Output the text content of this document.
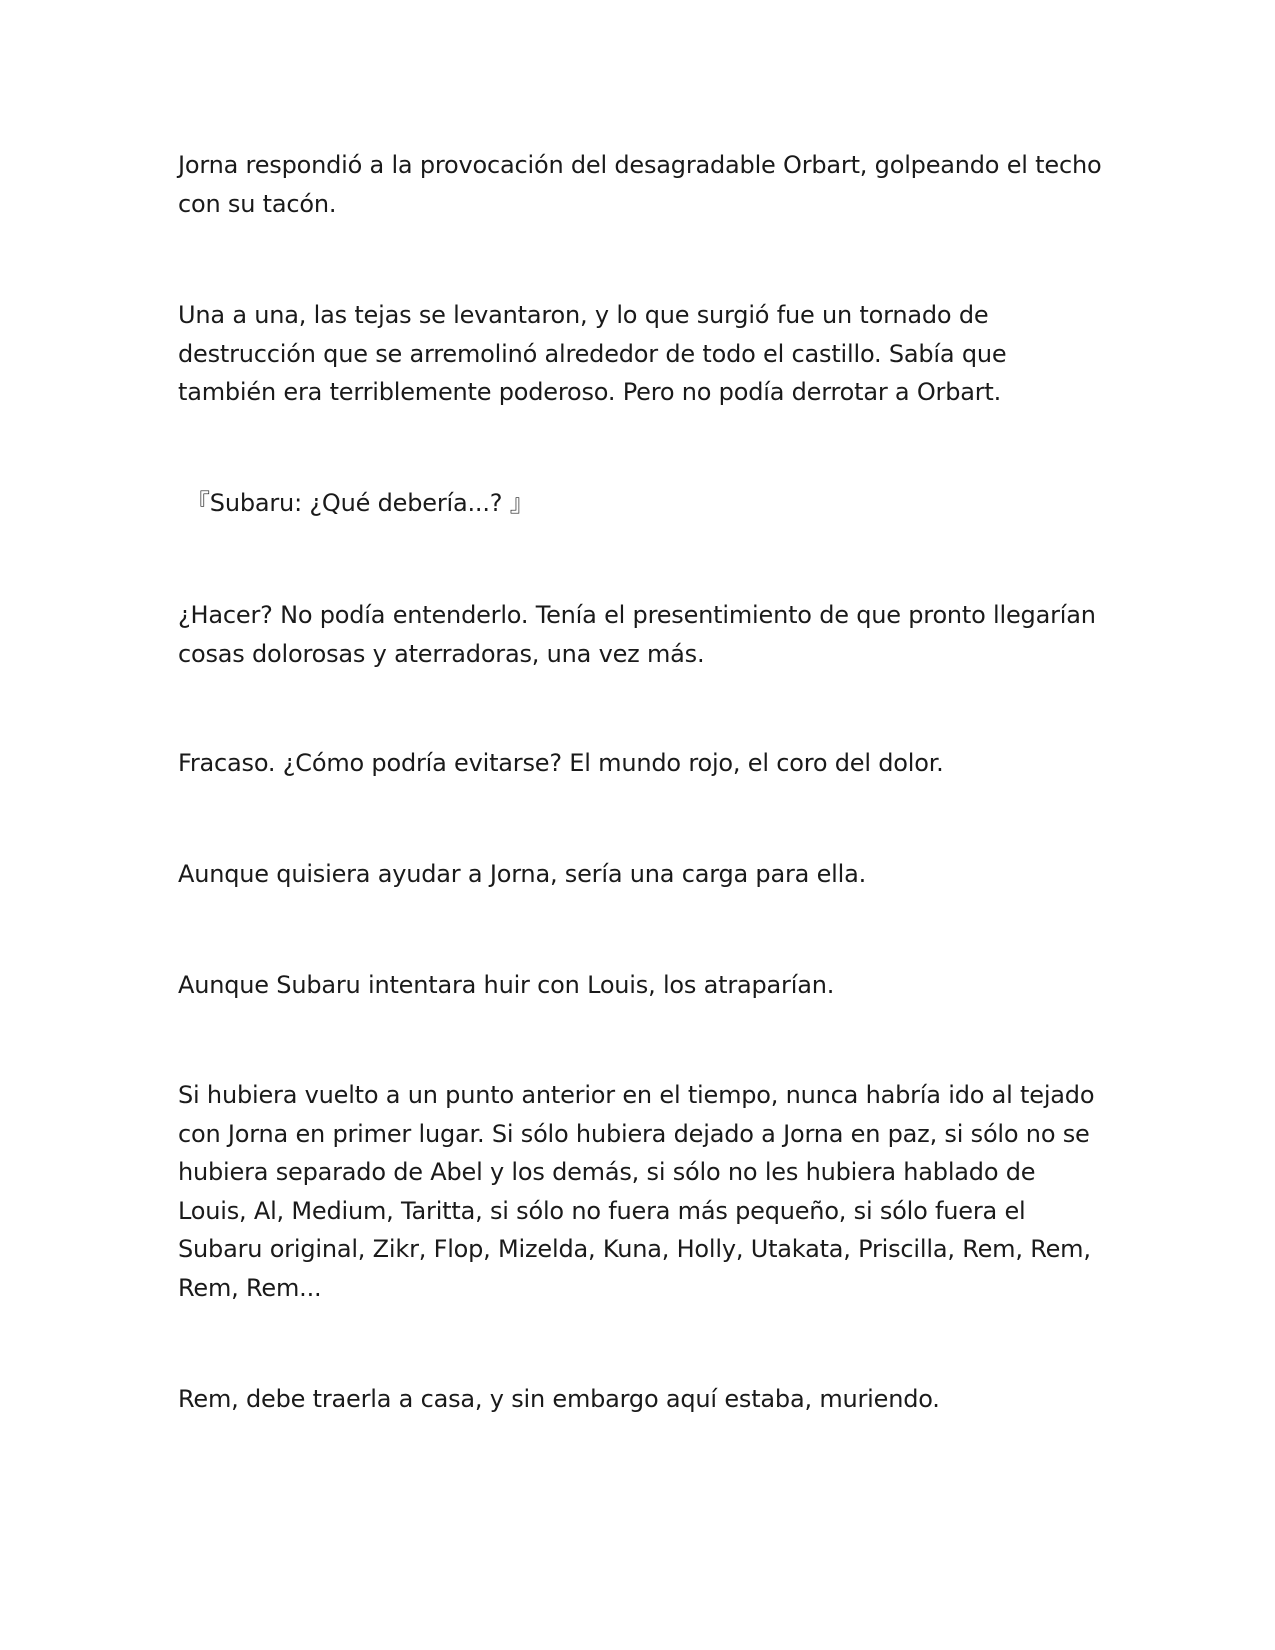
Jorna respondió a la provocación del desagradable Orbart, golpeando el techo con su tacón.

Una a una, las tejas se levantaron, y lo que surgió fue un tornado de destrucción que se arremolinó alrededor de todo el castillo. Sabía que también era terriblemente poderoso. Pero no podía derrotar a Orbart.

『Subaru: ¿Qué debería...? 』

¿Hacer? No podía entenderlo. Tenía el presentimiento de que pronto llegarían cosas dolorosas y aterradoras, una vez más.

Fracaso. ¿Cómo podría evitarse? El mundo rojo, el coro del dolor.

Aunque quisiera ayudar a Jorna, sería una carga para ella.

Aunque Subaru intentara huir con Louis, los atraparían.

Si hubiera vuelto a un punto anterior en el tiempo, nunca habría ido al tejado con Jorna en primer lugar. Si sólo hubiera dejado a Jorna en paz, si sólo no se hubiera separado de Abel y los demás, si sólo no les hubiera hablado de Louis, Al, Medium, Taritta, si sólo no fuera más pequeño, si sólo fuera el Subaru original, Zikr, Flop, Mizelda, Kuna, Holly, Utakata, Priscilla, Rem, Rem, Rem, Rem...

Rem, debe traerla a casa, y sin embargo aquí estaba, muriendo.
